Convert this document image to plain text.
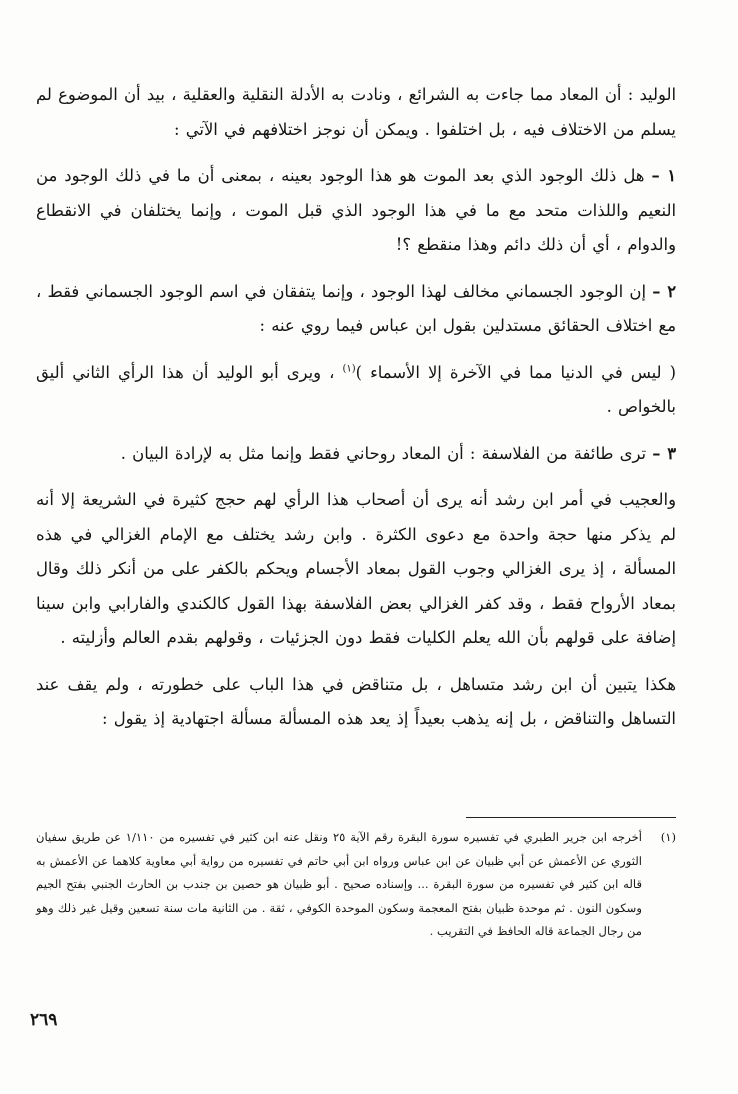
الوليد : أن المعاد مما جاءت به الشرائع ، ونادت به الأدلة النقلية والعقلية ، بيد أن الموضوع لم يسلم من الاختلاف فيه ، بل اختلفوا . ويمكن أن نوجز اختلافهم في الآتي :

١ – هل ذلك الوجود الذي بعد الموت هو هذا الوجود بعينه ، بمعنى أن ما في ذلك الوجود من النعيم واللذات متحد مع ما في هذا الوجود الذي قبل الموت ، وإنما يختلفان في الانقطاع والدوام ، أي أن ذلك دائم وهذا منقطع ؟!

٢ – إن الوجود الجسماني مخالف لهذا الوجود ، وإنما يتفقان في اسم الوجود الجسماني فقط ، مع اختلاف الحقائق مستدلين بقول ابن عباس فيما روي عنه :

( ليس في الدنيا مما في الآخرة إلا الأسماء )$^{(١)}$ ، ويرى أبو الوليد أن هذا الرأي الثاني أليق بالخواص .

٣ – ترى طائفة من الفلاسفة : أن المعاد روحاني فقط وإنما مثل به لإرادة البيان .

والعجيب في أمر ابن رشد أنه يرى أن أصحاب هذا الرأي لهم حجج كثيرة في الشريعة إلا أنه لم يذكر منها حجة واحدة مع دعوى الكثرة . وابن رشد يختلف مع الإمام الغزالي في هذه المسألة ، إذ يرى الغزالي وجوب القول بمعاد الأجسام ويحكم بالكفر على من أنكر ذلك وقال بمعاد الأرواح فقط ، وقد كفر الغزالي بعض الفلاسفة بهذا القول كالكندي والفارابي وابن سينا إضافة على قولهم بأن الله يعلم الكليات فقط دون الجزئيات ، وقولهم بقدم العالم وأزليته .

هكذا يتبين أن ابن رشد متساهل ، بل متناقض في هذا الباب على خطورته ، ولم يقف عند التساهل والتناقض ، بل إنه يذهب بعيداً إذ يعد هذه المسألة مسألة اجتهادية إذ يقول :

(١)
أخرجه ابن جرير الطبري في تفسيره سورة البقرة رقم الآية ٢٥ ونقل عنه ابن كثير في تفسيره من ١/١١٠ عن طريق سفيان الثوري عن الأعمش عن أبي ظبيان عن ابن عباس ورواه ابن أبي حاتم في تفسيره من رواية أبي معاوية كلاهما عن الأعمش به قاله ابن كثير في تفسيره من سورة البقرة ... وإسناده صحيح . أبو ظبيان هو حصين بن جندب بن الحارث الجنبي بفتح الجيم وسكون النون . ثم موحدة ظبيان بفتح المعجمة وسكون الموحدة الكوفي ، ثقة . من الثانية مات سنة تسعين وقيل غير ذلك وهو من رجال الجماعة قاله الحافظ في التقريب .
٢٦٩
